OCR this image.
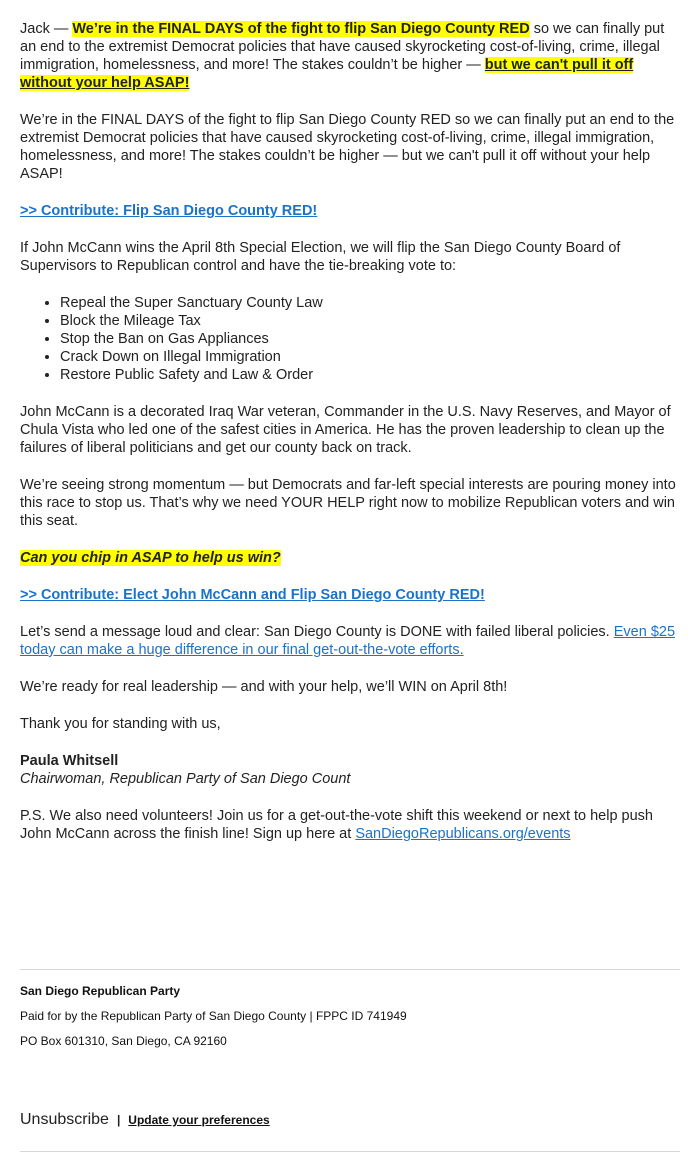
Jack — We’re in the FINAL DAYS of the fight to flip San Diego County RED so we can finally put an end to the extremist Democrat policies that have caused skyrocketing cost-of-living, crime, illegal immigration, homelessness, and more! The stakes couldn’t be higher — but we can't pull it off without your help ASAP!

We’re in the FINAL DAYS of the fight to flip San Diego County RED so we can finally put an end to the extremist Democrat policies that have caused skyrocketing cost-of-living, crime, illegal immigration, homelessness, and more! The stakes couldn’t be higher — but we can't pull it off without your help ASAP!

>> Contribute: Flip San Diego County RED!

If John McCann wins the April 8th Special Election, we will flip the San Diego County Board of Supervisors to Republican control and have the tie-breaking vote to:

• Repeal the Super Sanctuary County Law
• Block the Mileage Tax
• Stop the Ban on Gas Appliances
• Crack Down on Illegal Immigration
• Restore Public Safety and Law & Order

John McCann is a decorated Iraq War veteran, Commander in the U.S. Navy Reserves, and Mayor of Chula Vista who led one of the safest cities in America. He has the proven leadership to clean up the failures of liberal politicians and get our county back on track.

We’re seeing strong momentum — but Democrats and far-left special interests are pouring money into this race to stop us. That’s why we need YOUR HELP right now to mobilize Republican voters and win this seat.

Can you chip in ASAP to help us win?

>> Contribute: Elect John McCann and Flip San Diego County RED!

Let’s send a message loud and clear: San Diego County is DONE with failed liberal policies. Even $25 today can make a huge difference in our final get-out-the-vote efforts.

We’re ready for real leadership — and with your help, we’ll WIN on April 8th!

Thank you for standing with us,

Paula Whitsell
Chairwoman, Republican Party of San Diego Count

P.S. We also need volunteers! Join us for a get-out-the-vote shift this weekend or next to help push John McCann across the finish line! Sign up here at SanDiegoRepublicans.org/events

San Diego Republican Party
Paid for by the Republican Party of San Diego County | FPPC ID 741949
PO Box 601310, San Diego, CA 92160
Unsubscribe | Update your preferences
